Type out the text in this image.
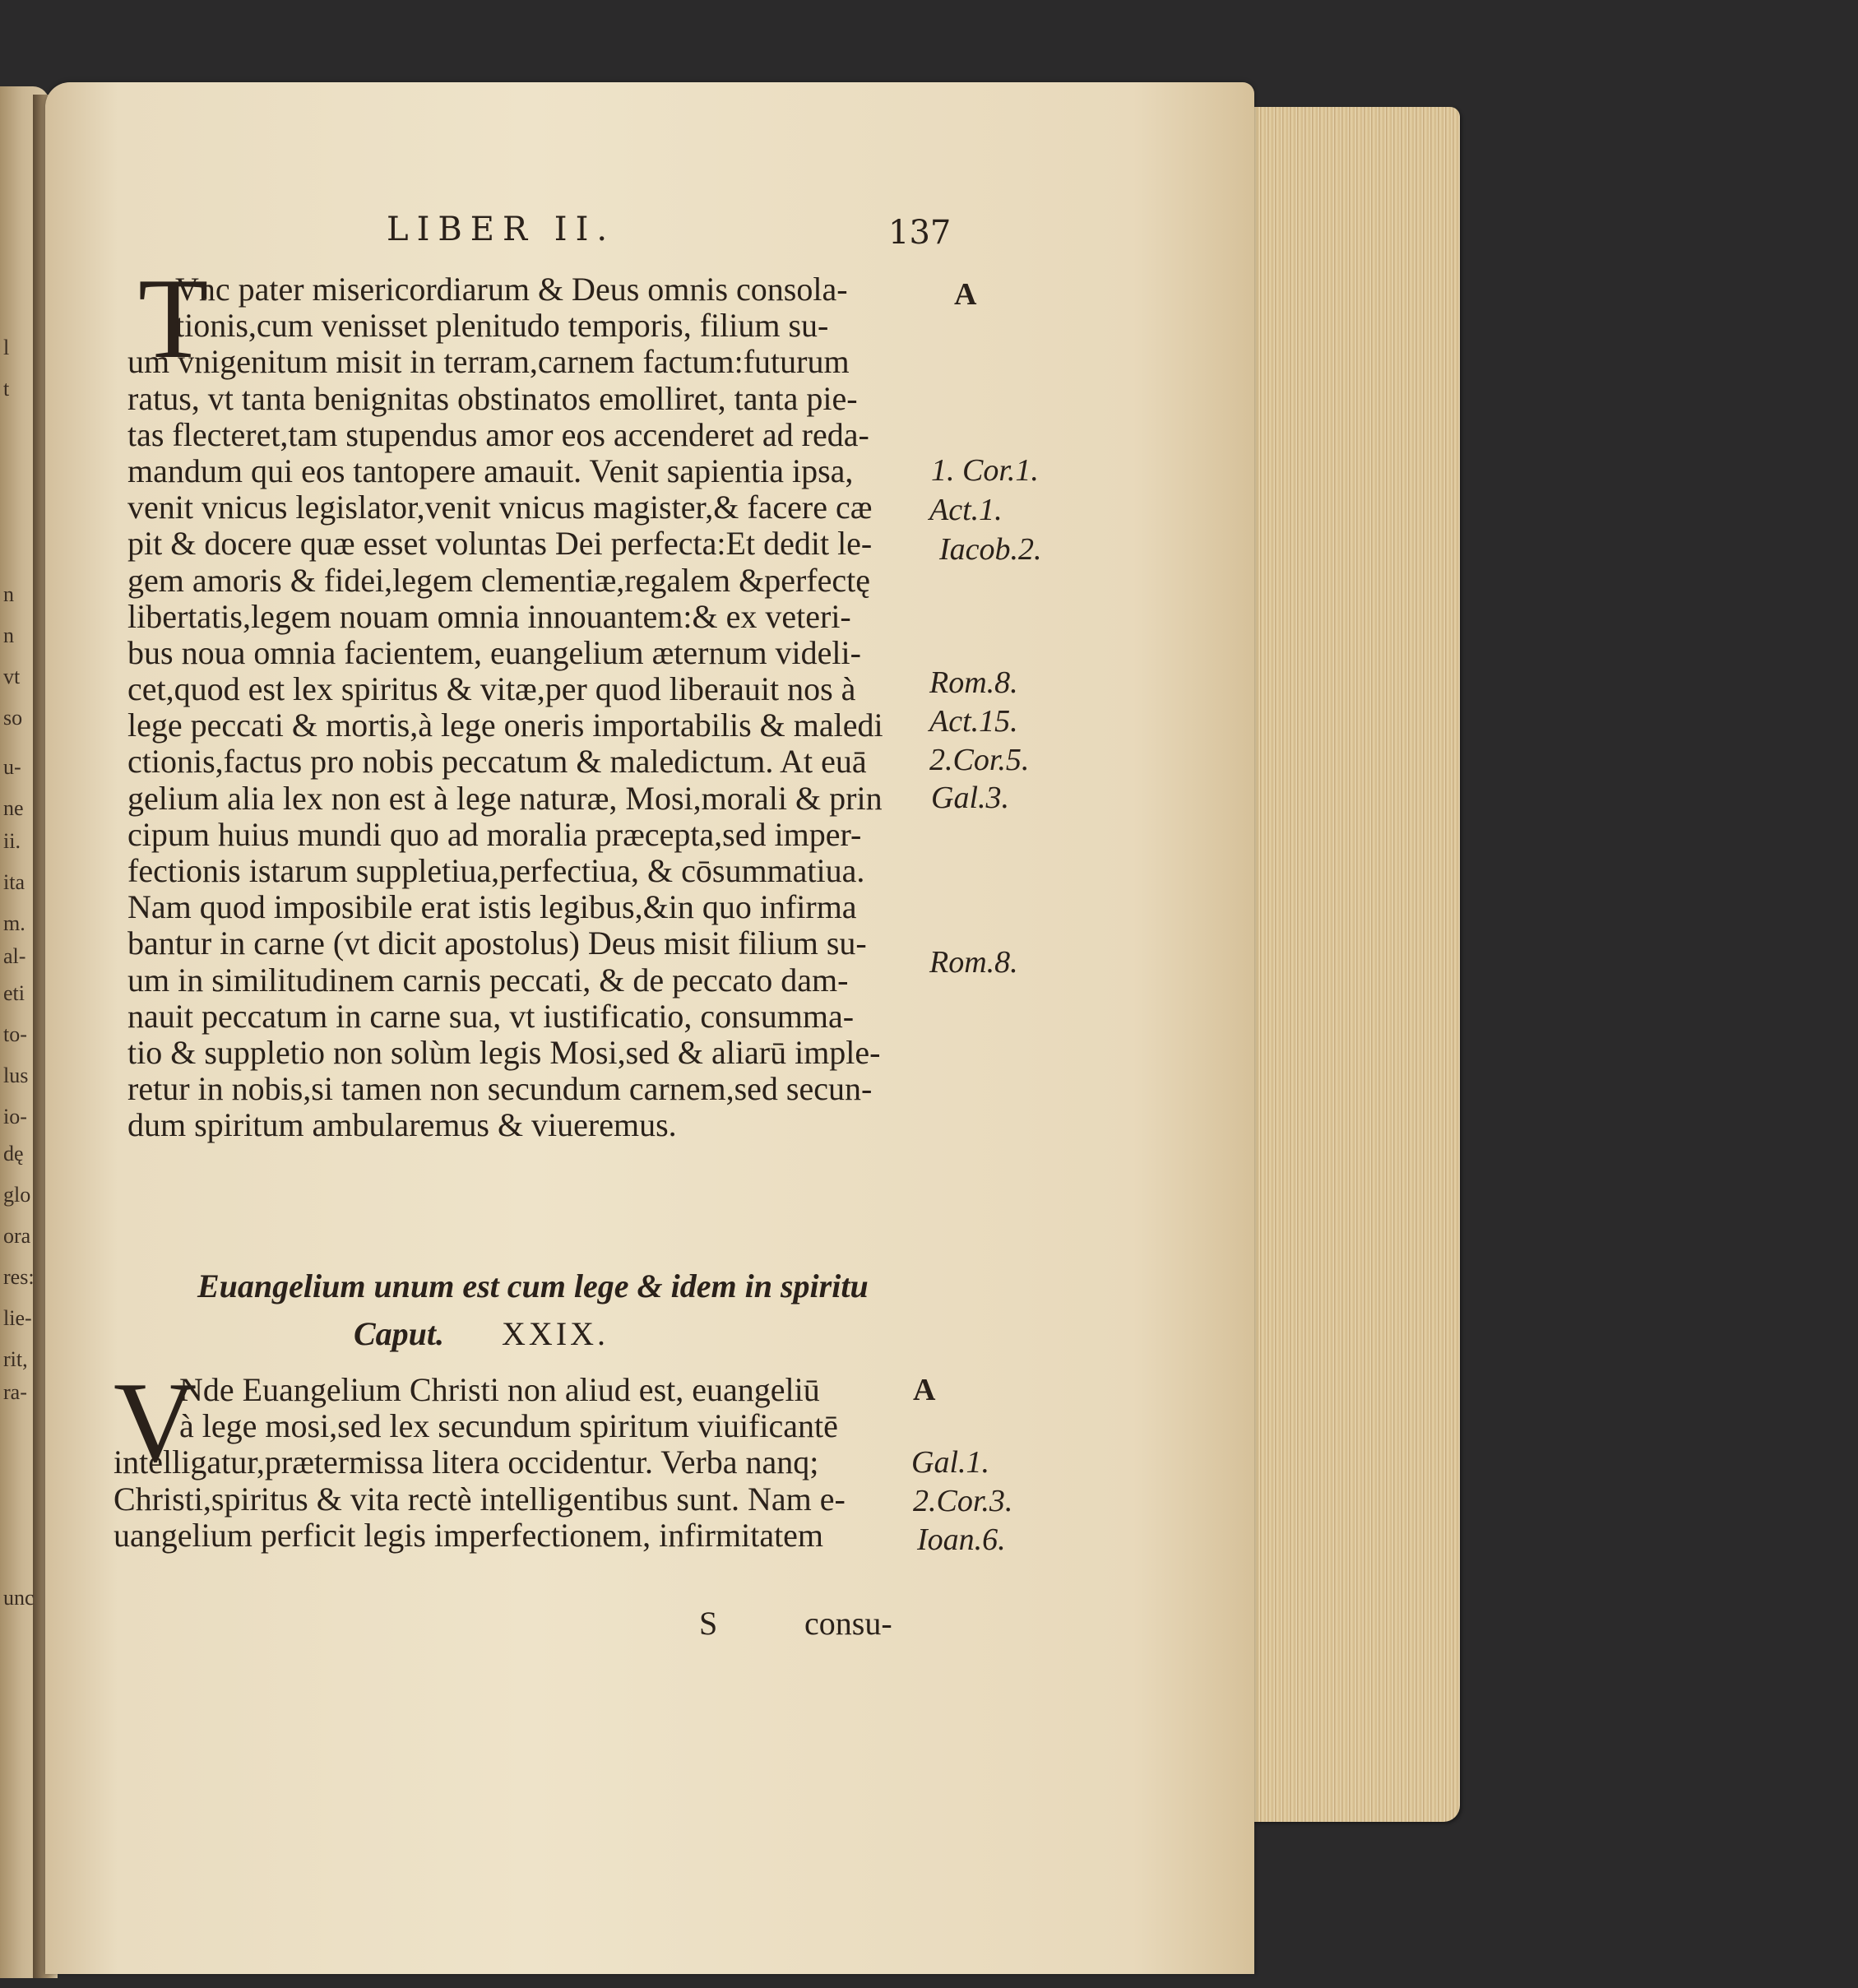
l
t
n
n
vt
so
u-
ne
ii.
ita
m.
al-
eti
to-
lus
io-
dę
glo
ora
res:
lie-
rit,
ra-
unc
LIBER II.	137
T
Vnc pater misericordiarum & Deus omnis consola-
tionis,cum venisset plenitudo temporis, filium su-
um vnigenitum misit in terram,carnem factum:futurum
ratus, vt tanta benignitas obstinatos emolliret, tanta pie-
tas flecteret,tam stupendus amor eos accenderet ad reda-
mandum qui eos tantopere amauit. Venit sapientia ipsa,
venit vnicus legislator,venit vnicus magister,& facere cæ
pit & docere quæ esset voluntas Dei perfecta:Et dedit le-
gem amoris & fidei,legem clementiæ,regalem &perfectę
libertatis,legem nouam omnia innouantem:& ex veteri-
bus noua omnia facientem, euangelium æternum videli-
cet,quod est lex spiritus & vitæ,per quod liberauit nos à
lege peccati & mortis,à lege oneris importabilis & maledi
ctionis,factus pro nobis peccatum & maledictum. At euā
gelium alia lex non est à lege naturæ, Mosi,morali & prin
cipum huius mundi quo ad moralia præcepta,sed imper-
fectionis istarum suppletiua,perfectiua, & cōsummatiua.
Nam quod imposibile erat istis legibus,&in quo infirma
bantur in carne (vt dicit apostolus) Deus misit filium su-
um in similitudinem carnis peccati, & de peccato dam-
nauit peccatum in carne sua, vt iustificatio, consumma-
tio & suppletio non solùm legis Mosi,sed & aliarū imple-
retur in nobis,si tamen non secundum carnem,sed secun-
dum spiritum ambularemus & viueremus.
A
1. Cor.1.
Act.1.
Iacob.2.
Rom.8.
Act.15.
2.Cor.5.
Gal.3.
Rom.8.
Euangelium unum est cum lege & idem in spiritu
Caput. XXIX.
V	A
Nde Euangelium Christi non aliud est, euangeliū
à lege mosi,sed lex secundum spiritum viuificantē
intelligatur,prætermissa litera occidentur. Verba nanq;
Christi,spiritus & vita rectè intelligentibus sunt. Nam e-
uangelium perficit legis imperfectionem, infirmitatem
Gal.1.
2.Cor.3.
Ioan.6.
S	consu-
